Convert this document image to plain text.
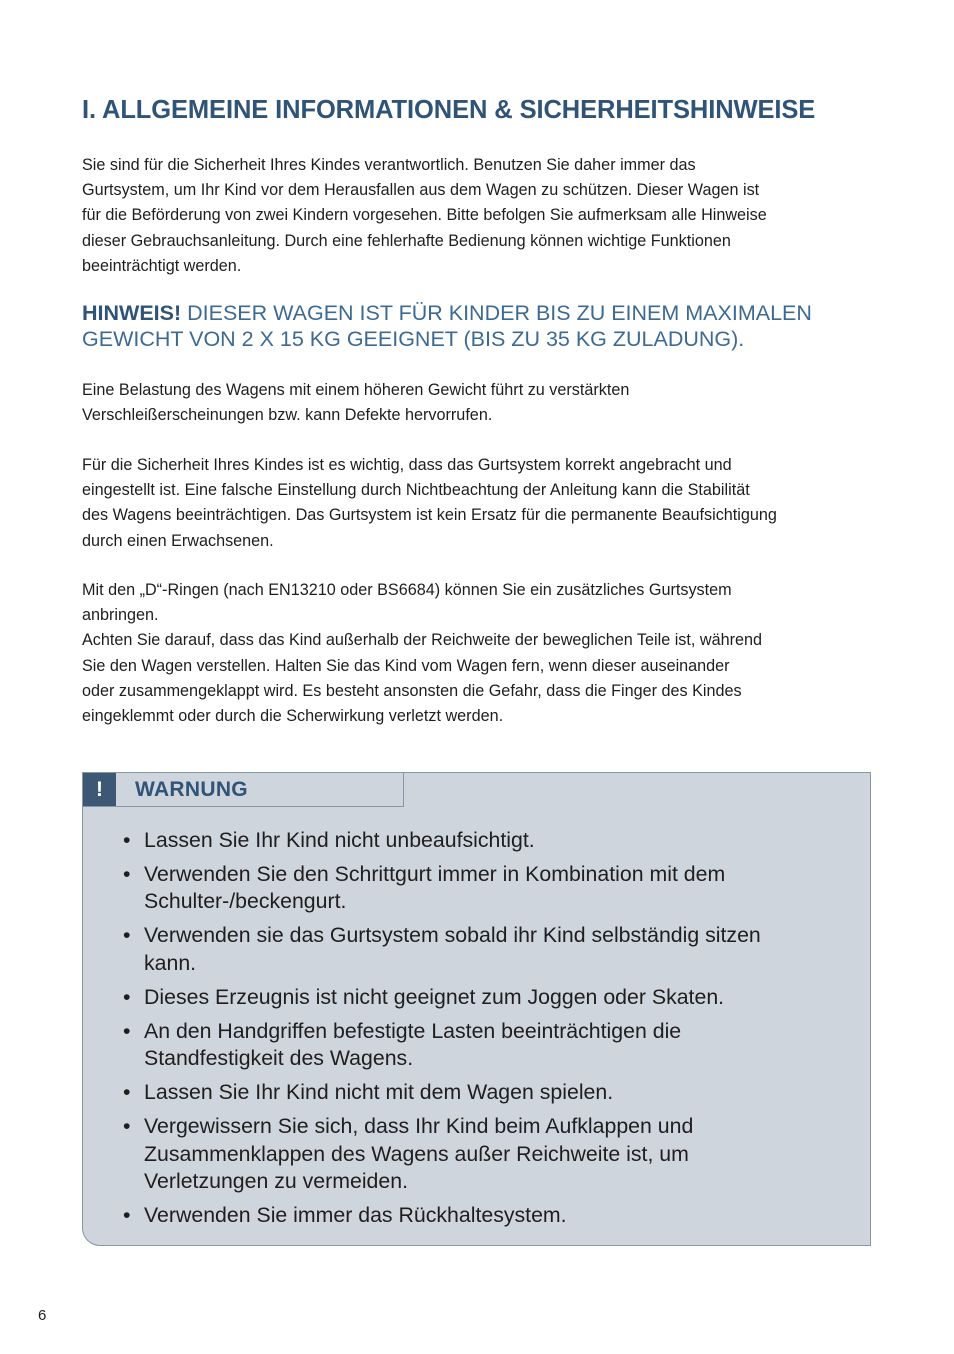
I. ALLGEMEINE INFORMATIONEN & SICHERHEITSHINWEISE

Sie sind für die Sicherheit Ihres Kindes verantwortlich. Benutzen Sie daher immer das
Gurtsystem, um Ihr Kind vor dem Herausfallen aus dem Wagen zu schützen. Dieser Wagen ist
für die Beförderung von zwei Kindern vorgesehen. Bitte befolgen Sie aufmerksam alle Hinweise
dieser Gebrauchsanleitung. Durch eine fehlerhafte Bedienung können wichtige Funktionen
beeinträchtigt werden.

HINWEIS! DIESER WAGEN IST FÜR KINDER BIS ZU EINEM MAXIMALEN
GEWICHT VON 2 X 15 KG GEEIGNET (BIS ZU 35 KG ZULADUNG).

Eine Belastung des Wagens mit einem höheren Gewicht führt zu verstärkten
Verschleißerscheinungen bzw. kann Defekte hervorrufen.

Für die Sicherheit Ihres Kindes ist es wichtig, dass das Gurtsystem korrekt angebracht und
eingestellt ist. Eine falsche Einstellung durch Nichtbeachtung der Anleitung kann die Stabilität
des Wagens beeinträchtigen. Das Gurtsystem ist kein Ersatz für die permanente Beaufsichtigung
durch einen Erwachsenen.

Mit den „D“-Ringen (nach EN13210 oder BS6684) können Sie ein zusätzliches Gurtsystem
anbringen.
Achten Sie darauf, dass das Kind außerhalb der Reichweite der beweglichen Teile ist, während
Sie den Wagen verstellen. Halten Sie das Kind vom Wagen fern, wenn dieser auseinander
oder zusammengeklappt wird. Es besteht ansonsten die Gefahr, dass die Finger des Kindes
eingeklemmt oder durch die Scherwirkung verletzt werden.

!	WARNUNG
• Lassen Sie Ihr Kind nicht unbeaufsichtigt.
• Verwenden Sie den Schrittgurt immer in Kombination mit dem
Schulter-/beckengurt.
• Verwenden sie das Gurtsystem sobald ihr Kind selbständig sitzen
kann.
• Dieses Erzeugnis ist nicht geeignet zum Joggen oder Skaten.
• An den Handgriffen befestigte Lasten beeinträchtigen die
Standfestigkeit des Wagens.
• Lassen Sie Ihr Kind nicht mit dem Wagen spielen.
• Vergewissern Sie sich, dass Ihr Kind beim Aufklappen und
Zusammenklappen des Wagens außer Reichweite ist, um
Verletzungen zu vermeiden.
• Verwenden Sie immer das Rückhaltesystem.
6
